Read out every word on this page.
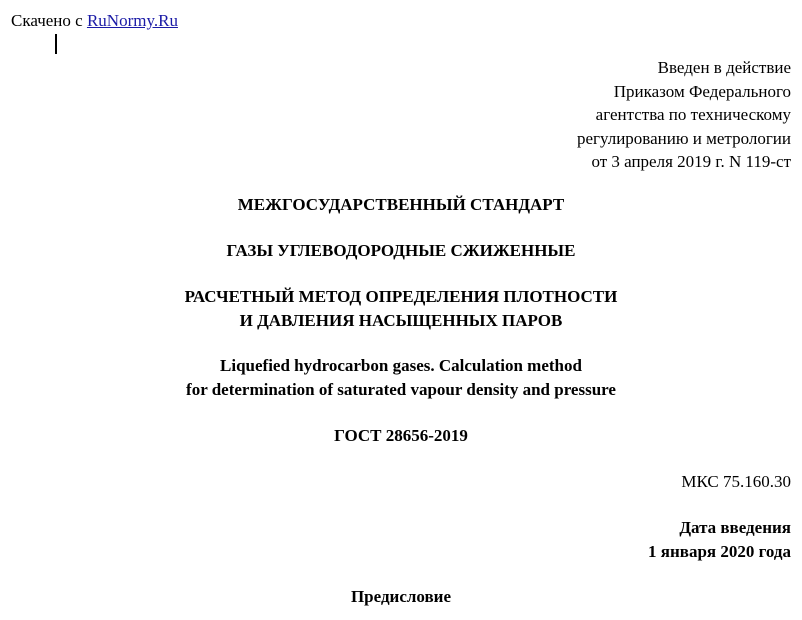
Скачено с RuNormy.Ru
Введен в действие
Приказом Федерального
агентства по техническому
регулированию и метрологии
от 3 апреля 2019 г. N 119-ст
МЕЖГОСУДАРСТВЕННЫЙ СТАНДАРТ
ГАЗЫ УГЛЕВОДОРОДНЫЕ СЖИЖЕННЫЕ
РАСЧЕТНЫЙ МЕТОД ОПРЕДЕЛЕНИЯ ПЛОТНОСТИ
И ДАВЛЕНИЯ НАСЫЩЕННЫХ ПАРОВ
Liquefied hydrocarbon gases. Calculation method
for determination of saturated vapour density and pressure
ГОСТ 28656-2019
МКС 75.160.30
Дата введения
1 января 2020 года
Предисловие
